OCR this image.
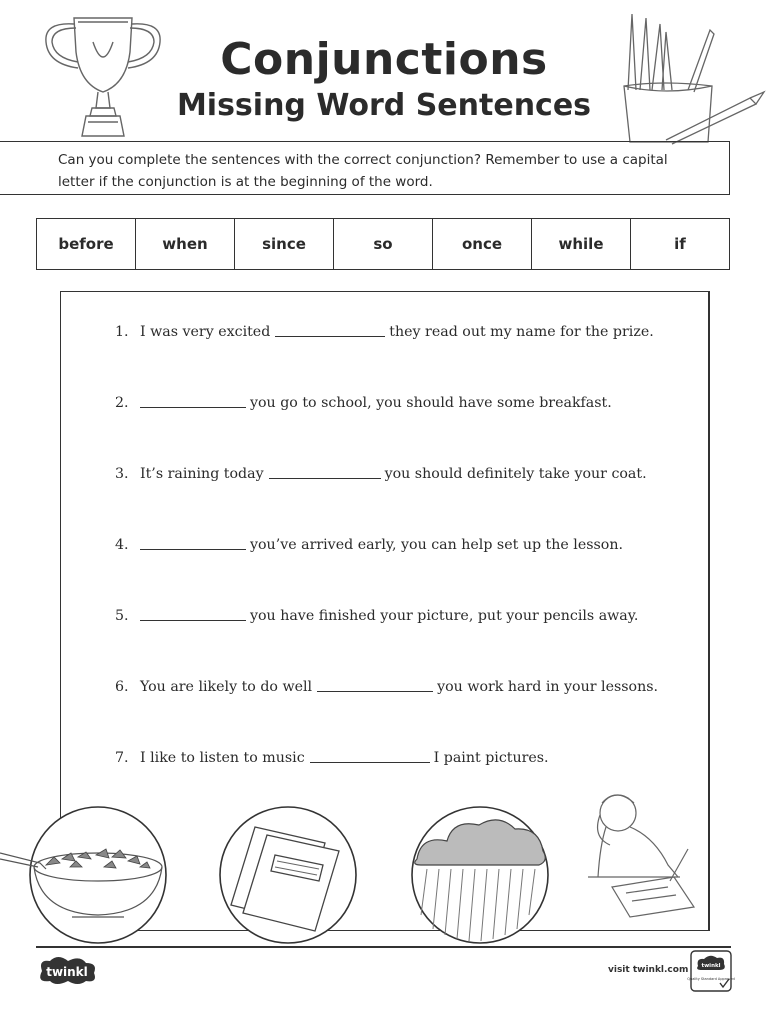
Conjunctions
Missing Word Sentences
Can you complete the sentences with the correct conjunction? Remember to use a capital
letter if the conjunction is at the beginning of the word.
before	when	since	so	once	while	if
1. I was very excited	they read out my name for the prize.
2.	you go to school, you should have some breakfast.
3. It’s raining today	you should definitely take your coat.
4.	you’ve arrived early, you can help set up the lesson.
5.	you have finished your picture, put your pencils away.
6. You are likely to do well	you work hard in your lessons.
7. I like to listen to music	I paint pictures.
twinkl	visit twinkl.com twinkl
Quality Standard Approved
